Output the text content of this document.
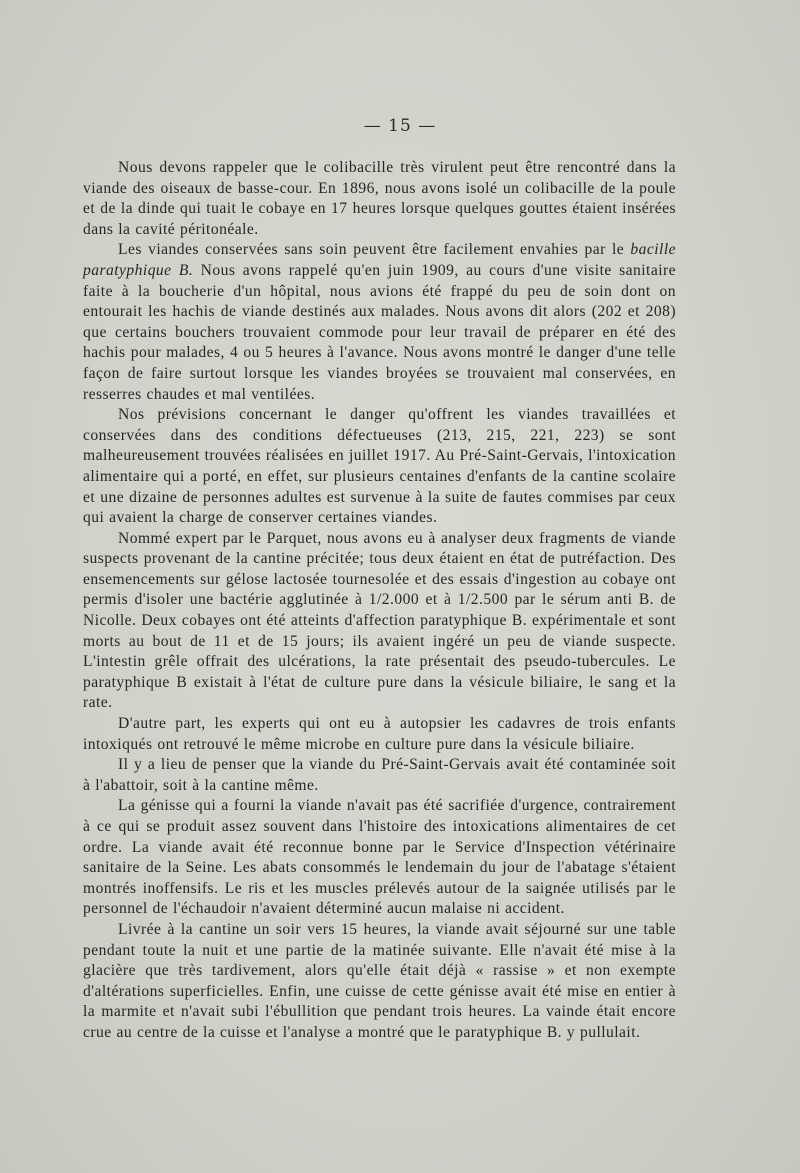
— 15 —

Nous devons rappeler que le colibacille très virulent peut être rencontré dans la viande des oiseaux de basse-cour. En 1896, nous avons isolé un colibacille de la poule et de la dinde qui tuait le cobaye en 17 heures lorsque quelques gouttes étaient insérées dans la cavité péritonéale.

Les viandes conservées sans soin peuvent être facilement envahies par le bacille paratyphique B. Nous avons rappelé qu'en juin 1909, au cours d'une visite sanitaire faite à la boucherie d'un hôpital, nous avions été frappé du peu de soin dont on entourait les hachis de viande destinés aux malades. Nous avons dit alors (202 et 208) que certains bouchers trouvaient commode pour leur travail de préparer en été des hachis pour malades, 4 ou 5 heures à l'avance. Nous avons montré le danger d'une telle façon de faire surtout lorsque les viandes broyées se trouvaient mal conservées, en resserres chaudes et mal ventilées.

Nos prévisions concernant le danger qu'offrent les viandes travaillées et conservées dans des conditions défectueuses (213, 215, 221, 223) se sont malheureusement trouvées réalisées en juillet 1917. Au Pré-Saint-Gervais, l'intoxication alimentaire qui a porté, en effet, sur plusieurs centaines d'enfants de la cantine scolaire et une dizaine de personnes adultes est survenue à la suite de fautes commises par ceux qui avaient la charge de conserver certaines viandes.

Nommé expert par le Parquet, nous avons eu à analyser deux fragments de viande suspects provenant de la cantine précitée; tous deux étaient en état de putréfaction. Des ensemencements sur gélose lactosée tournesolée et des essais d'ingestion au cobaye ont permis d'isoler une bactérie agglutinée à 1/2.000 et à 1/2.500 par le sérum anti B. de Nicolle. Deux cobayes ont été atteints d'affection paratyphique B. expérimentale et sont morts au bout de 11 et de 15 jours; ils avaient ingéré un peu de viande suspecte. L'intestin grêle offrait des ulcérations, la rate présentait des pseudo-tubercules. Le paratyphique B existait à l'état de culture pure dans la vésicule biliaire, le sang et la rate.

D'autre part, les experts qui ont eu à autopsier les cadavres de trois enfants intoxiqués ont retrouvé le même microbe en culture pure dans la vésicule biliaire.

Il y a lieu de penser que la viande du Pré-Saint-Gervais avait été contaminée soit à l'abattoir, soit à la cantine même.

La génisse qui a fourni la viande n'avait pas été sacrifiée d'urgence, contrairement à ce qui se produit assez souvent dans l'histoire des intoxications alimentaires de cet ordre. La viande avait été reconnue bonne par le Service d'Inspection vétérinaire sanitaire de la Seine. Les abats consommés le lendemain du jour de l'abatage s'étaient montrés inoffensifs. Le ris et les muscles prélevés autour de la saignée utilisés par le personnel de l'échaudoir n'avaient déterminé aucun malaise ni accident.

Livrée à la cantine un soir vers 15 heures, la viande avait séjourné sur une table pendant toute la nuit et une partie de la matinée suivante. Elle n'avait été mise à la glacière que très tardivement, alors qu'elle était déjà « rassise » et non exempte d'altérations superficielles. Enfin, une cuisse de cette génisse avait été mise en entier à la marmite et n'avait subi l'ébullition que pendant trois heures. La vainde était encore crue au centre de la cuisse et l'analyse a montré que le paratyphique B. y pullulait.
